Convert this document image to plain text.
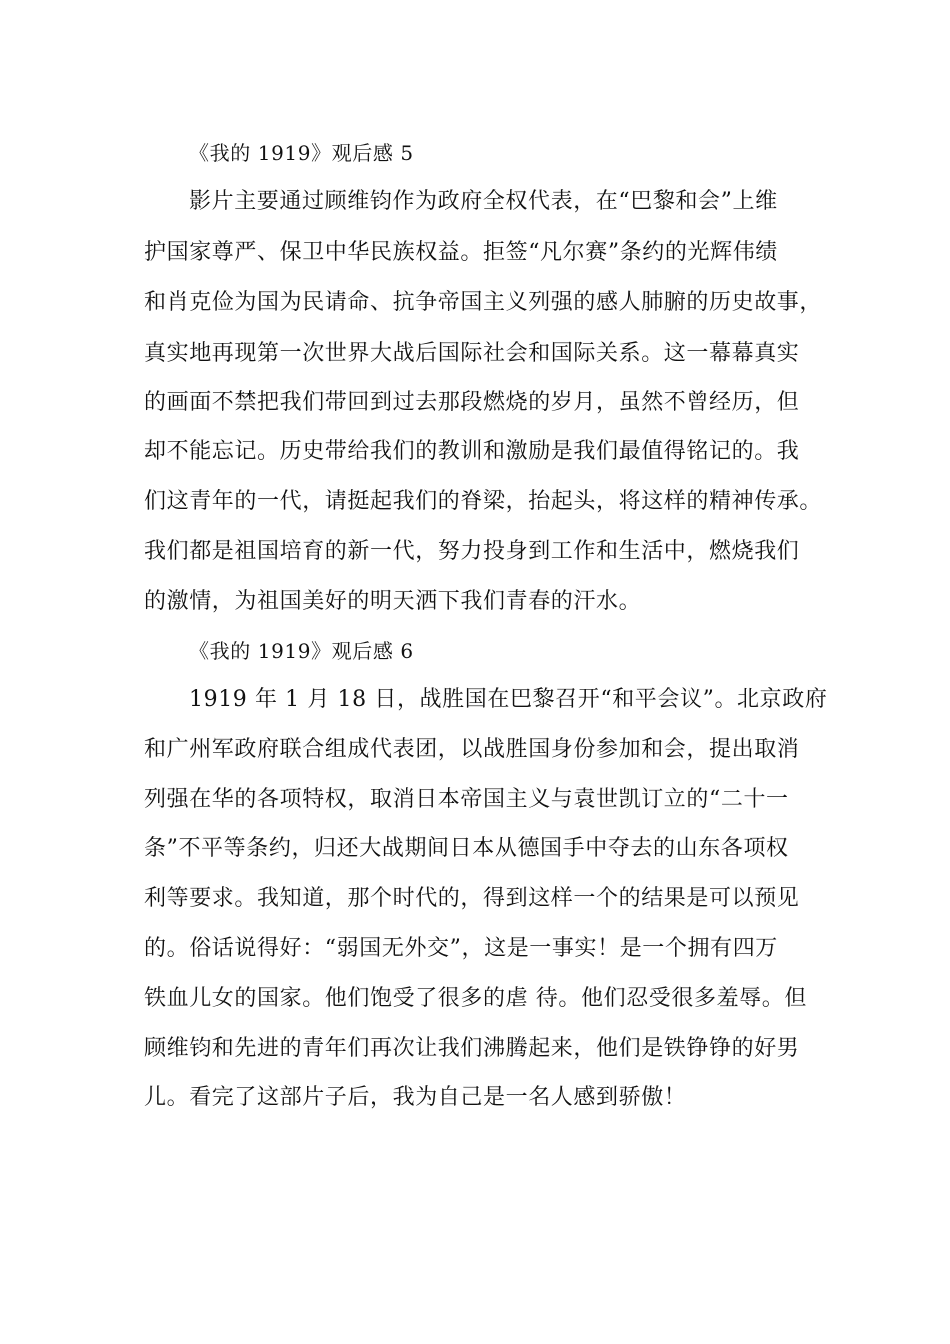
《我的 1919》观后感 5
影片主要通过顾维钧作为政府全权代表，在“巴黎和会”上维
护国家尊严、保卫中华民族权益。拒签“凡尔赛”条约的光辉伟绩
和肖克俭为国为民请命、抗争帝国主义列强的感人肺腑的历史故事，
真实地再现第一次世界大战后国际社会和国际关系。这一幕幕真实
的画面不禁把我们带回到过去那段燃烧的岁月，虽然不曾经历，但
却不能忘记。历史带给我们的教训和激励是我们最值得铭记的。我
们这青年的一代，请挺起我们的脊梁，抬起头，将这样的精神传承。
我们都是祖国培育的新一代，努力投身到工作和生活中，燃烧我们
的激情，为祖国美好的明天洒下我们青春的汗水。
《我的 1919》观后感 6
1919 年 1 月 18 日，战胜国在巴黎召开“和平会议”。北京政府
和广州军政府联合组成代表团，以战胜国身份参加和会，提出取消
列强在华的各项特权，取消日本帝国主义与袁世凯订立的“二十一
条”不平等条约，归还大战期间日本从德国手中夺去的山东各项权
利等要求。我知道，那个时代的，得到这样一个的结果是可以预见
的。俗话说得好：“弱国无外交”，这是一事实！是一个拥有四万
铁血儿女的国家。他们饱受了很多的虐 待。他们忍受很多羞辱。但
顾维钧和先进的青年们再次让我们沸腾起来，他们是铁铮铮的好男
儿。看完了这部片子后，我为自己是一名人感到骄傲！
